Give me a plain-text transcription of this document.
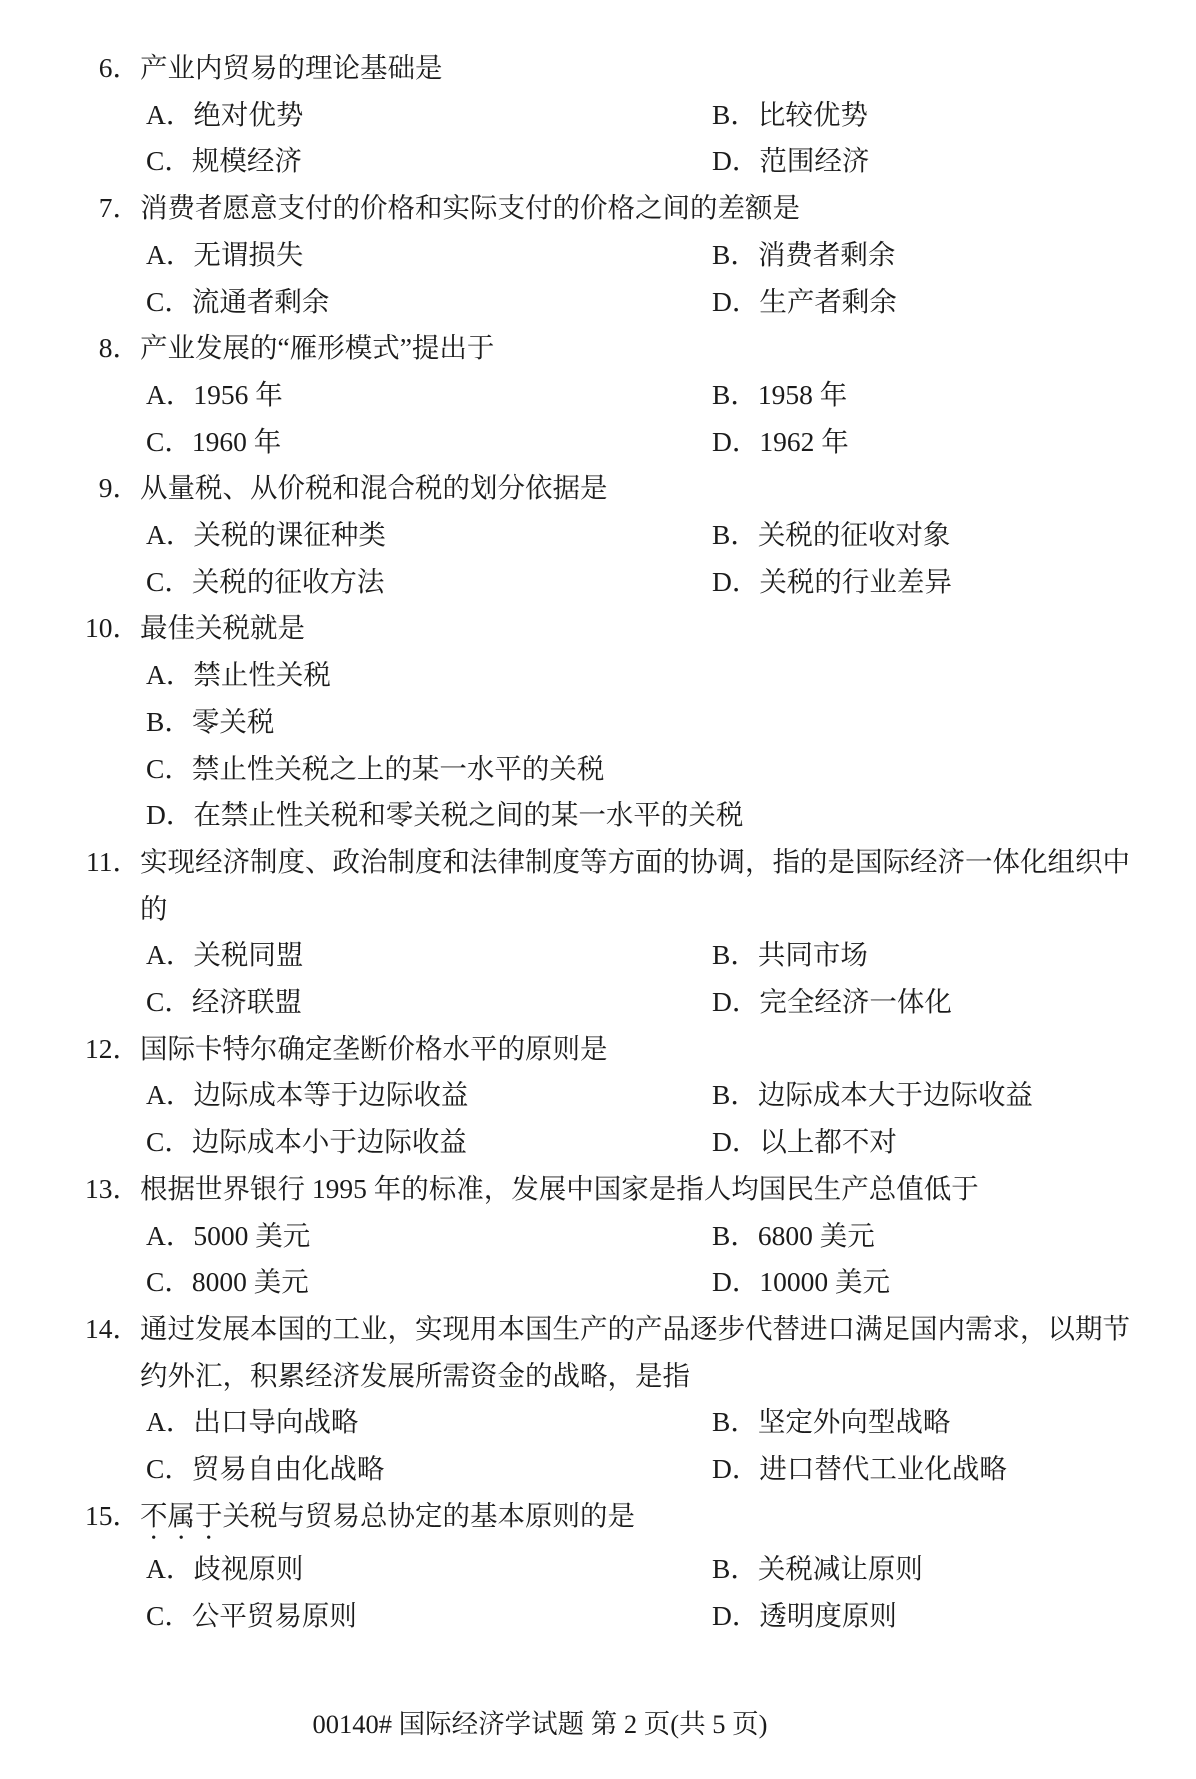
6． 产业内贸易的理论基础是
A．绝对优势	B．比较优势
C．规模经济	D．范围经济
7． 消费者愿意支付的价格和实际支付的价格之间的差额是
A．无谓损失	B．消费者剩余
C．流通者剩余	D．生产者剩余
8． 产业发展的“雁形模式”提出于
A．1956 年	B．1958 年
C．1960 年	D．1962 年
9． 从量税、从价税和混合税的划分依据是
A．关税的课征种类	B．关税的征收对象
C．关税的征收方法	D．关税的行业差异
10． 最佳关税就是
A．禁止性关税
B．零关税
C．禁止性关税之上的某一水平的关税
D．在禁止性关税和零关税之间的某一水平的关税
11． 实现经济制度、政治制度和法律制度等方面的协调，指的是国际经济一体化组织中
的
A．关税同盟	B．共同市场
C．经济联盟	D．完全经济一体化
12． 国际卡特尔确定垄断价格水平的原则是
A．边际成本等于边际收益	B．边际成本大于边际收益
C．边际成本小于边际收益	D．以上都不对
13． 根据世界银行 1995 年的标准，发展中国家是指人均国民生产总值低于
A．5000 美元	B．6800 美元
C．8000 美元	D．10000 美元
14． 通过发展本国的工业，实现用本国生产的产品逐步代替进口满足国内需求，以期节
约外汇，积累经济发展所需资金的战略，是指
A．出口导向战略	B．坚定外向型战略
C．贸易自由化战略	D．进口替代工业化战略
15． 不属于关税与贸易总协定的基本原则的是
A．歧视原则	B．关税减让原则
C．公平贸易原则	D．透明度原则
00140# 国际经济学试题 第 2 页(共 5 页)
